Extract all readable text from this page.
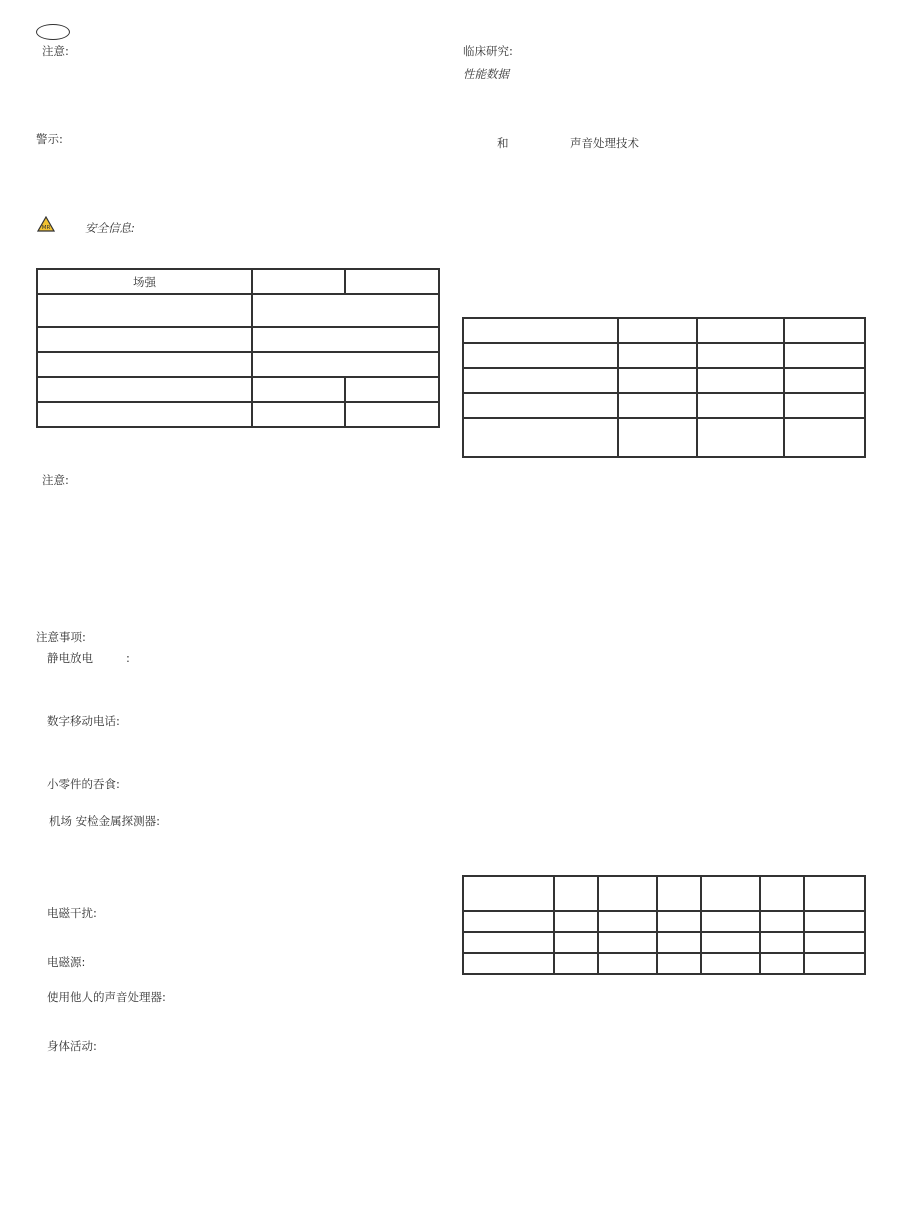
注意:
警示:
MR	安全信息:
场强		

注意:
注意事项:
静电放电	:
数字移动电话:
小零件的吞食:
机场 安检金属探测器:
电磁干扰:
电磁源:
使用他人的声音处理器:
身体活动:
临床研究:
性能数据
和	声音处理技术
